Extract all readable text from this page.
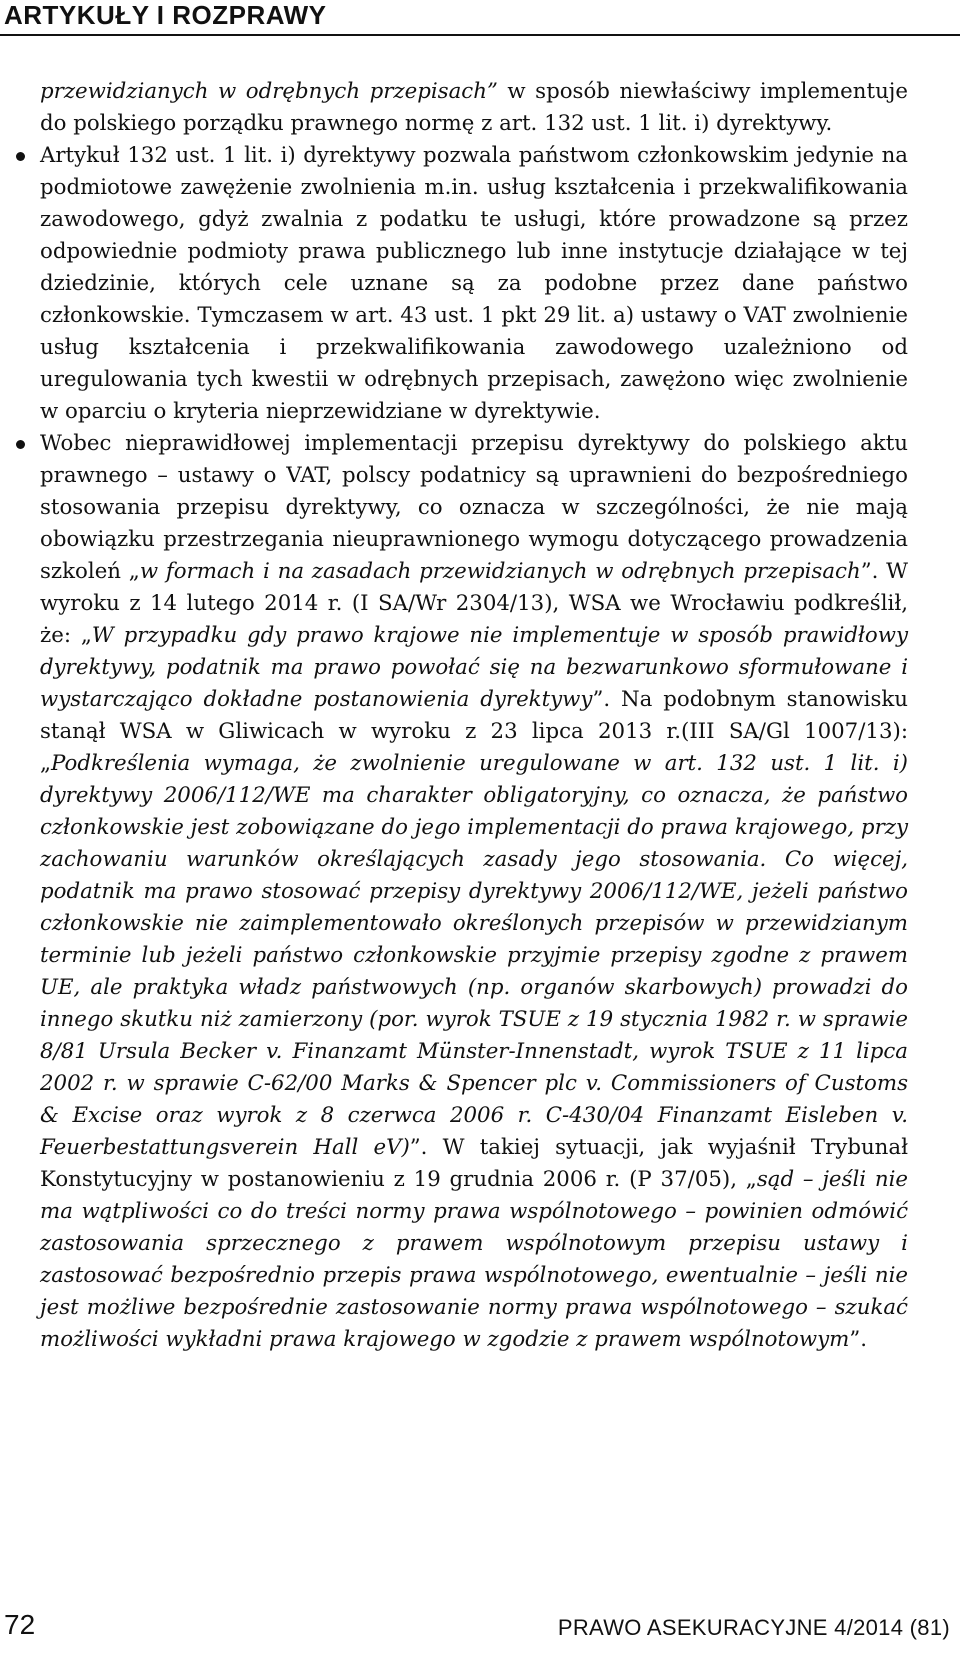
ARTYKUŁY I ROZPRAWY

przewidzianych w odrębnych przepisach” w sposób niewłaściwy implementuje do polskiego porządku prawnego normę z art. 132 ust. 1 lit. i) dyrektywy.

Artykuł 132 ust. 1 lit. i) dyrektywy pozwala państwom członkowskim jedynie na podmiotowe zawężenie zwolnienia m.in. usług kształcenia i przekwalifikowania zawodowego, gdyż zwalnia z podatku te usługi, które prowadzone są przez odpowiednie podmioty prawa publicznego lub inne instytucje działające w tej dziedzinie, których cele uznane są za podobne przez dane państwo członkowskie. Tymczasem w art. 43 ust. 1 pkt 29 lit. a) ustawy o VAT zwolnienie usług kształcenia i przekwalifikowania zawodowego uzależniono od uregulowania tych kwestii w odrębnych przepisach, zawężono więc zwolnienie w oparciu o kryteria nieprzewidziane w dyrektywie.

Wobec nieprawidłowej implementacji przepisu dyrektywy do polskiego aktu prawnego – ustawy o VAT, polscy podatnicy są uprawnieni do bezpośredniego stosowania przepisu dyrektywy, co oznacza w szczególności, że nie mają obowiązku przestrzegania nieuprawnionego wymogu dotyczącego prowadzenia szkoleń „w formach i na zasadach przewidzianych w odrębnych przepisach”. W wyroku z 14 lutego 2014 r. (I SA/Wr 2304/13), WSA we Wrocławiu podkreślił, że: „W przypadku gdy prawo krajowe nie implementuje w sposób prawidłowy dyrektywy, podatnik ma prawo powołać się na bezwarunkowo sformułowane i wystarczająco dokładne postanowienia dyrektywy”. Na podobnym stanowisku stanął WSA w Gliwicach w wyroku z 23 lipca 2013 r.(III SA/Gl 1007/13): „Podkreślenia wymaga, że zwolnienie uregulowane w art. 132 ust. 1 lit. i) dyrektywy 2006/112/WE ma charakter obligatoryjny, co oznacza, że państwo członkowskie jest zobowiązane do jego implementacji do prawa krajowego, przy zachowaniu warunków określających zasady jego stosowania. Co więcej, podatnik ma prawo stosować przepisy dyrektywy 2006/112/WE, jeżeli państwo członkowskie nie zaimplementowało określonych przepisów w przewidzianym terminie lub jeżeli państwo członkowskie przyjmie przepisy zgodne z prawem UE, ale praktyka władz państwowych (np. organów skarbowych) prowadzi do innego skutku niż zamierzony (por. wyrok TSUE z 19 stycznia 1982 r. w sprawie 8/81 Ursula Becker v. Finanzamt Münster-Innenstadt, wyrok TSUE z 11 lipca 2002 r. w sprawie C-62/00 Marks & Spencer plc v. Commissioners of Customs & Excise oraz wyrok z 8 czerwca 2006 r. C-430/04 Finanzamt Eisleben v. Feuerbestattungsverein Hall eV)”. W takiej sytuacji, jak wyjaśnił Trybunał Konstytucyjny w postanowieniu z 19 grudnia 2006 r. (P 37/05), „sąd – jeśli nie ma wątpliwości co do treści normy prawa wspólnotowego – powinien odmówić zastosowania sprzecznego z prawem wspólnotowym przepisu ustawy i zastosować bezpośrednio przepis prawa wspólnotowego, ewentualnie – jeśli nie jest możliwe bezpośrednie zastosowanie normy prawa wspólnotowego – szukać możliwości wykładni prawa krajowego w zgodzie z prawem wspólnotowym”.

72	PRAWO ASEKURACYJNE 4/2014 (81)
